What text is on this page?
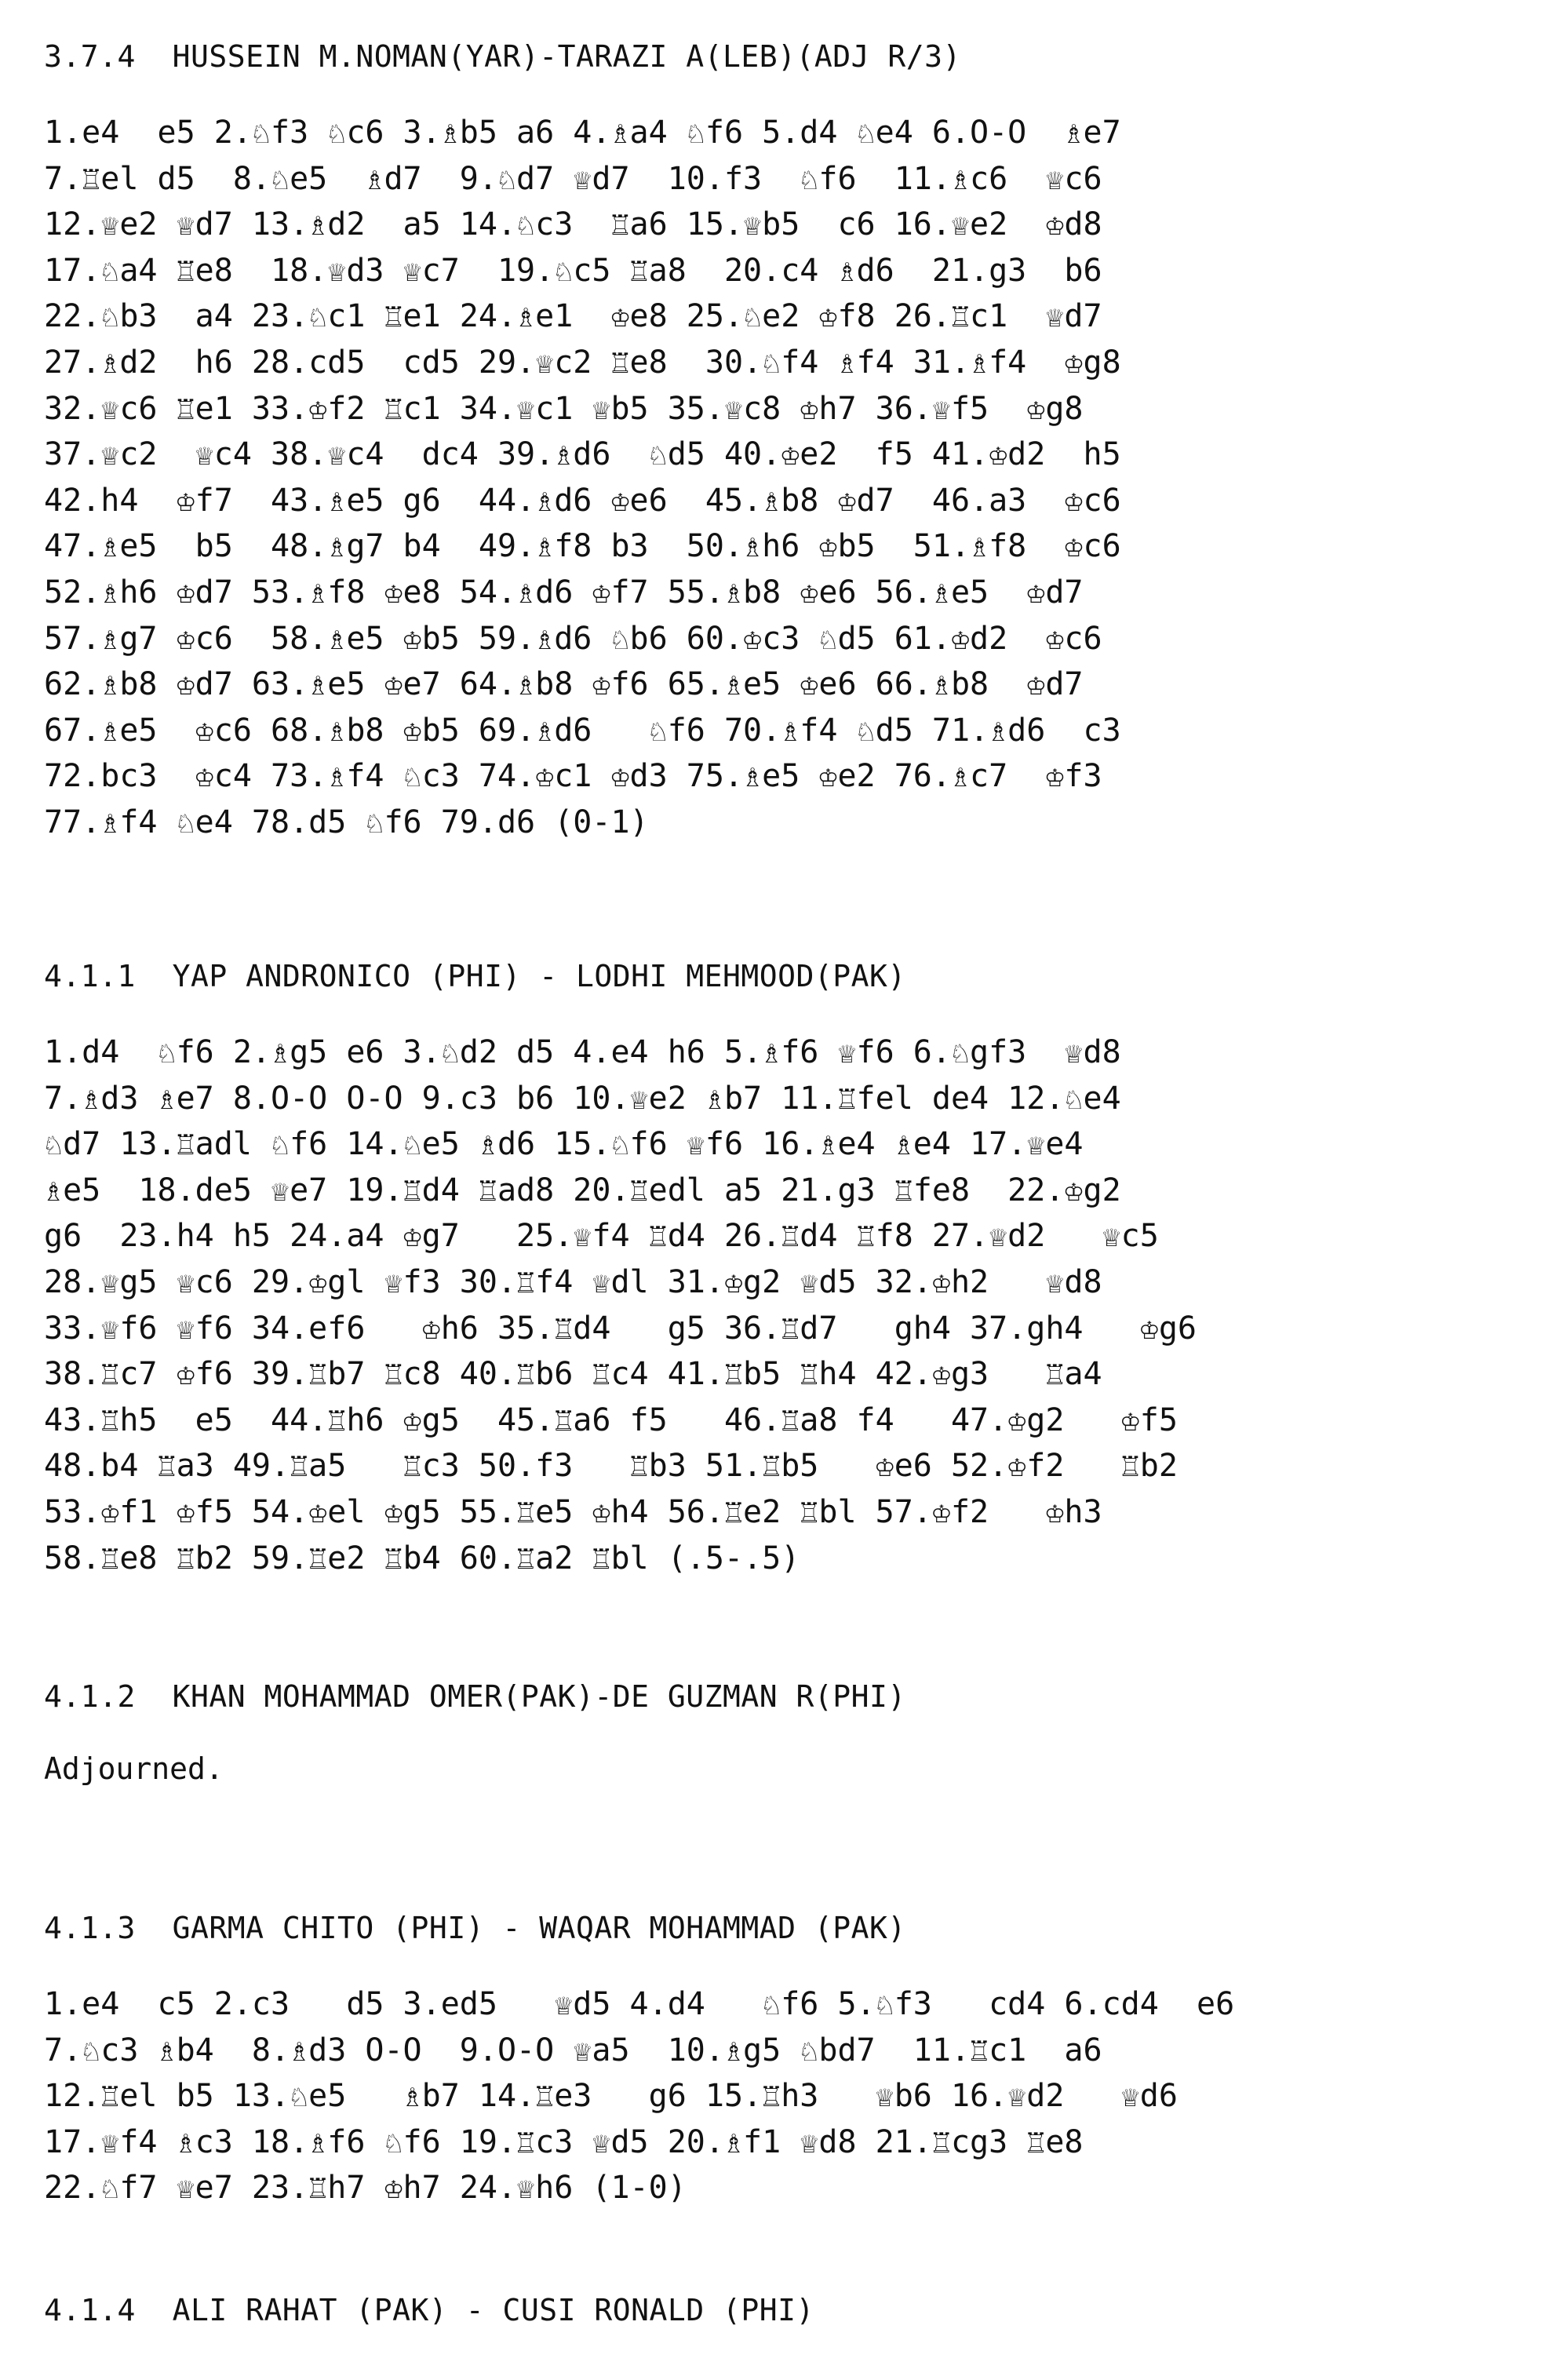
3.7.4  HUSSEIN M.NOMAN(YAR)-TARAZI A(LEB)(ADJ R/3)
1.e4  e5 2.♘f3 ♘c6 3.♗b5 a6 4.♗a4 ♘f6 5.d4 ♘e4 6.O-O  ♗e7
7.♖el d5  8.♘e5  ♗d7  9.♘d7 ♕d7  10.f3  ♘f6  11.♗c6  ♕c6
12.♕e2 ♕d7 13.♗d2  a5 14.♘c3  ♖a6 15.♕b5  c6 16.♕e2  ♔d8
17.♘a4 ♖e8  18.♕d3 ♕c7  19.♘c5 ♖a8  20.c4 ♗d6  21.g3  b6
22.♘b3  a4 23.♘c1 ♖e1 24.♗e1  ♔e8 25.♘e2 ♔f8 26.♖c1  ♕d7
27.♗d2  h6 28.cd5  cd5 29.♕c2 ♖e8  30.♘f4 ♗f4 31.♗f4  ♔g8
32.♕c6 ♖e1 33.♔f2 ♖c1 34.♕c1 ♕b5 35.♕c8 ♔h7 36.♕f5  ♔g8
37.♕c2  ♕c4 38.♕c4  dc4 39.♗d6  ♘d5 40.♔e2  f5 41.♔d2  h5
42.h4  ♔f7  43.♗e5 g6  44.♗d6 ♔e6  45.♗b8 ♔d7  46.a3  ♔c6
47.♗e5  b5  48.♗g7 b4  49.♗f8 b3  50.♗h6 ♔b5  51.♗f8  ♔c6
52.♗h6 ♔d7 53.♗f8 ♔e8 54.♗d6 ♔f7 55.♗b8 ♔e6 56.♗e5  ♔d7
57.♗g7 ♔c6  58.♗e5 ♔b5 59.♗d6 ♘b6 60.♔c3 ♘d5 61.♔d2  ♔c6
62.♗b8 ♔d7 63.♗e5 ♔e7 64.♗b8 ♔f6 65.♗e5 ♔e6 66.♗b8  ♔d7
67.♗e5  ♔c6 68.♗b8 ♔b5 69.♗d6   ♘f6 70.♗f4 ♘d5 71.♗d6  c3
72.bc3  ♔c4 73.♗f4 ♘c3 74.♔c1 ♔d3 75.♗e5 ♔e2 76.♗c7  ♔f3
77.♗f4 ♘e4 78.d5 ♘f6 79.d6 (0-1)
4.1.1  YAP ANDRONICO (PHI) - LODHI MEHMOOD(PAK)
1.d4  ♘f6 2.♗g5 e6 3.♘d2 d5 4.e4 h6 5.♗f6 ♕f6 6.♘gf3  ♕d8
7.♗d3 ♗e7 8.O-O O-O 9.c3 b6 10.♕e2 ♗b7 11.♖fel de4 12.♘e4
♘d7 13.♖adl ♘f6 14.♘e5 ♗d6 15.♘f6 ♕f6 16.♗e4 ♗e4 17.♕e4
♗e5  18.de5 ♕e7 19.♖d4 ♖ad8 20.♖edl a5 21.g3 ♖fe8  22.♔g2
g6  23.h4 h5 24.a4 ♔g7   25.♕f4 ♖d4 26.♖d4 ♖f8 27.♕d2   ♕c5
28.♕g5 ♕c6 29.♔gl ♕f3 30.♖f4 ♕dl 31.♔g2 ♕d5 32.♔h2   ♕d8
33.♕f6 ♕f6 34.ef6   ♔h6 35.♖d4   g5 36.♖d7   gh4 37.gh4   ♔g6
38.♖c7 ♔f6 39.♖b7 ♖c8 40.♖b6 ♖c4 41.♖b5 ♖h4 42.♔g3   ♖a4
43.♖h5  e5  44.♖h6 ♔g5  45.♖a6 f5   46.♖a8 f4   47.♔g2   ♔f5
48.b4 ♖a3 49.♖a5   ♖c3 50.f3   ♖b3 51.♖b5   ♔e6 52.♔f2   ♖b2
53.♔f1 ♔f5 54.♔el ♔g5 55.♖e5 ♔h4 56.♖e2 ♖bl 57.♔f2   ♔h3
58.♖e8 ♖b2 59.♖e2 ♖b4 60.♖a2 ♖bl (.5-.5)
4.1.2  KHAN MOHAMMAD OMER(PAK)-DE GUZMAN R(PHI)
Adjourned.
4.1.3  GARMA CHITO (PHI) - WAQAR MOHAMMAD (PAK)
1.e4  c5 2.c3   d5 3.ed5   ♕d5 4.d4   ♘f6 5.♘f3   cd4 6.cd4  e6
7.♘c3 ♗b4  8.♗d3 O-O  9.O-O ♕a5  10.♗g5 ♘bd7  11.♖c1  a6
12.♖el b5 13.♘e5   ♗b7 14.♖e3   g6 15.♖h3   ♕b6 16.♕d2   ♕d6
17.♕f4 ♗c3 18.♗f6 ♘f6 19.♖c3 ♕d5 20.♗f1 ♕d8 21.♖cg3 ♖e8
22.♘f7 ♕e7 23.♖h7 ♔h7 24.♕h6 (1-0)
4.1.4  ALI RAHAT (PAK) - CUSI RONALD (PHI)
